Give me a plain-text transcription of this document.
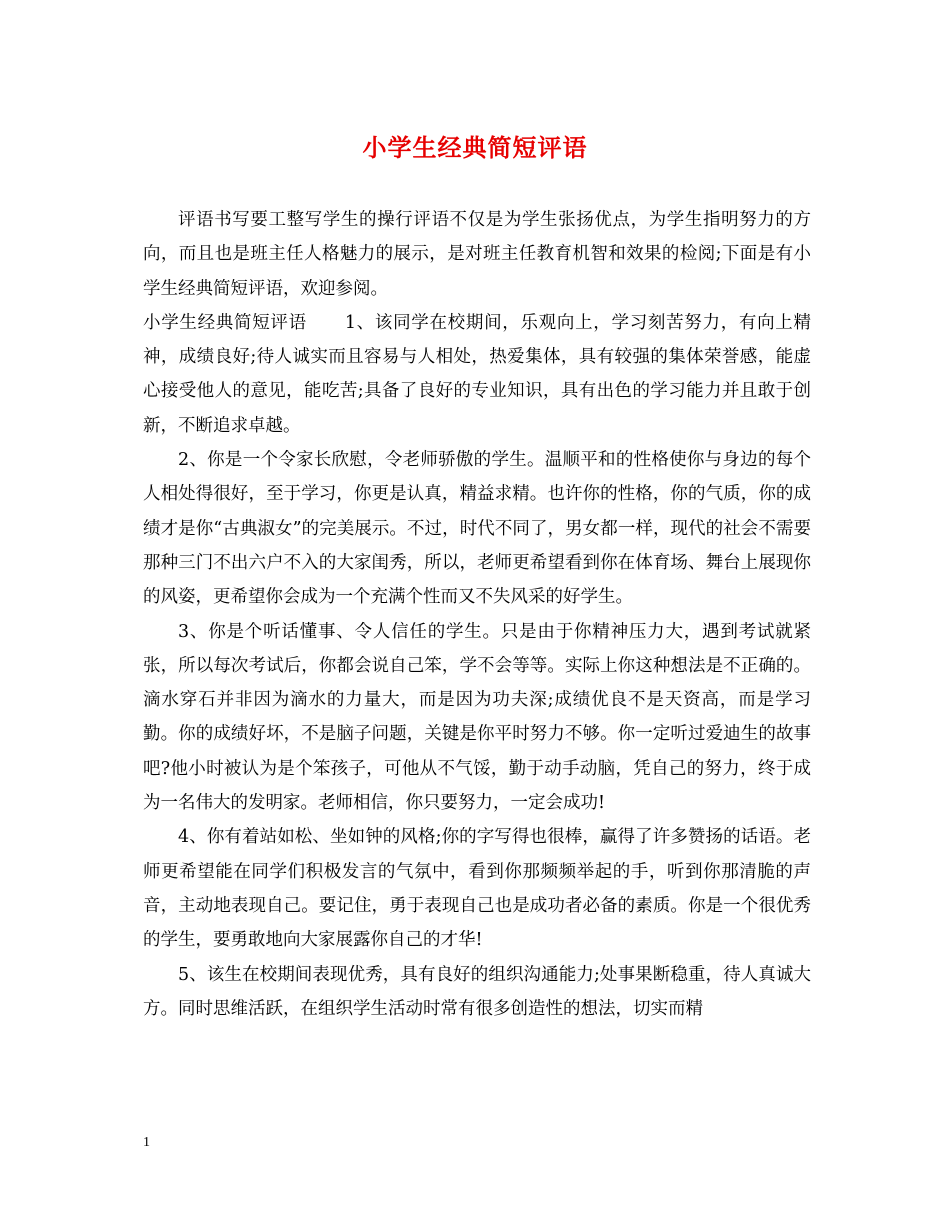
小学生经典简短评语

评语书写要工整写学生的操行评语不仅是为学生张扬优点，为学生指明努力的方向，而且也是班主任人格魅力的展示，是对班主任教育机智和效果的检阅;下面是有小学生经典简短评语，欢迎参阅。

小学生经典简短评语 1、该同学在校期间，乐观向上，学习刻苦努力，有向上精神，成绩良好;待人诚实而且容易与人相处，热爱集体，具有较强的集体荣誉感，能虚心接受他人的意见，能吃苦;具备了良好的专业知识，具有出色的学习能力并且敢于创新，不断追求卓越。

2、你是一个令家长欣慰，令老师骄傲的学生。温顺平和的性格使你与身边的每个人相处得很好，至于学习，你更是认真，精益求精。也许你的性格，你的气质，你的成绩才是你“古典淑女”的完美展示。不过，时代不同了，男女都一样，现代的社会不需要那种三门不出六户不入的大家闺秀，所以，老师更希望看到你在体育场、舞台上展现你的风姿，更希望你会成为一个充满个性而又不失风采的好学生。

3、你是个听话懂事、令人信任的学生。只是由于你精神压力大，遇到考试就紧张，所以每次考试后，你都会说自己笨，学不会等等。实际上你这种想法是不正确的。滴水穿石并非因为滴水的力量大，而是因为功夫深;成绩优良不是天资高，而是学习勤。你的成绩好坏，不是脑子问题，关键是你平时努力不够。你一定听过爱迪生的故事吧?他小时被认为是个笨孩子，可他从不气馁，勤于动手动脑，凭自己的努力，终于成为一名伟大的发明家。老师相信，你只要努力，一定会成功!

4、你有着站如松、坐如钟的风格;你的字写得也很棒，赢得了许多赞扬的话语。老师更希望能在同学们积极发言的气氛中，看到你那频频举起的手，听到你那清脆的声音，主动地表现自己。要记住，勇于表现自己也是成功者必备的素质。你是一个很优秀的学生，要勇敢地向大家展露你自己的才华!

5、该生在校期间表现优秀，具有良好的组织沟通能力;处事果断稳重，待人真诚大方。同时思维活跃，在组织学生活动时常有很多创造性的想法，切实而精

1
